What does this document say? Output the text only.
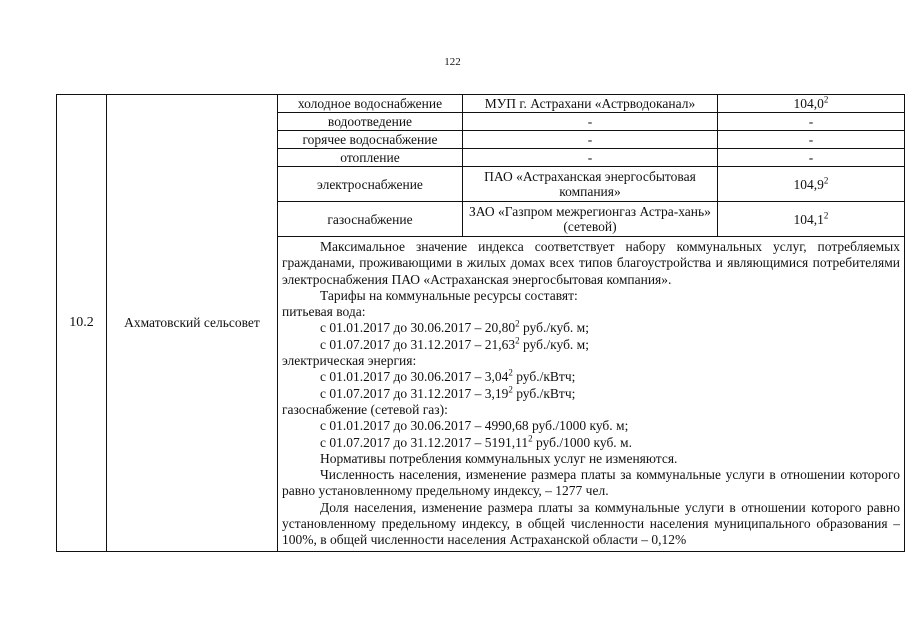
122
10.2	Ахматовский сельсовет	
холодное водоснабжение	МУП г. Астрахани «Астрводоканал»	104,0$^2$
водоотведение	-	-
горячее водоснабжение	-	-
отопление	-	-
электроснабжение	ПАО «Астраханская энергосбытовая компания»	104,9$^2$
газоснабжение	ЗАО «Газпром межрегионгаз Астра-хань» (сетевой)	104,1$^2$

Максимальное значение индекса соответствует набору коммунальных услуг, потребляемых гражданами, проживающими в жилых домах всех типов благоустройства и являющимися потребителями электроснабжения ПАО «Астраханская энергосбытовая компания».

Тарифы на коммунальные ресурсы составят:

питьевая вода:

с 01.01.2017 до 30.06.2017 – 20,80$^2$ руб./куб. м;

с 01.07.2017 до 31.12.2017 – 21,63$^2$ руб./куб. м;

электрическая энергия:

с 01.01.2017 до 30.06.2017 – 3,04$^2$ руб./кВтч;

с 01.07.2017 до 31.12.2017 – 3,19$^2$ руб./кВтч;

газоснабжение (сетевой газ):

с 01.01.2017 до 30.06.2017 – 4990,68 руб./1000 куб. м;

с 01.07.2017 до 31.12.2017 – 5191,11$^2$ руб./1000 куб. м.

Нормативы потребления коммунальных услуг не изменяются.

Численность населения, изменение размера платы за коммунальные услуги в отношении которого равно установленному предельному индексу, – 1277 чел.

Доля населения, изменение размера платы за коммунальные услуги в отношении которого равно установленному предельному индексу, в общей численности населения муниципального образования – 100%, в общей численности населения Астраханской области – 0,12%
